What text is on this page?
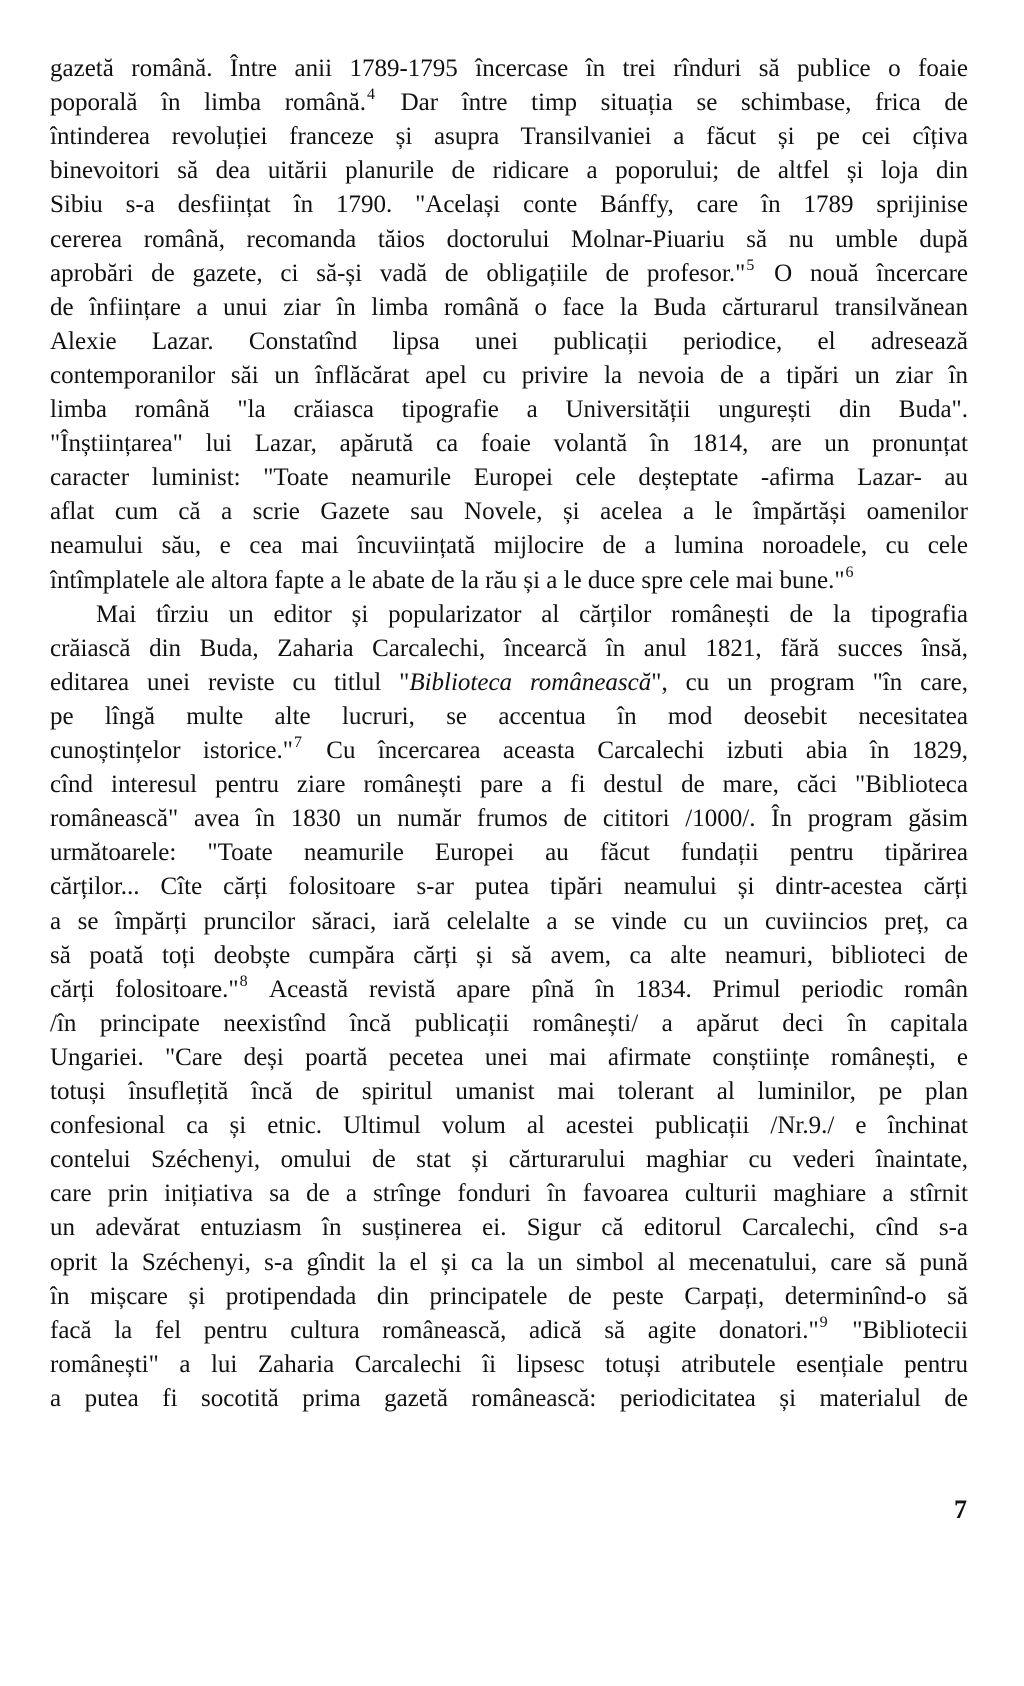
gazetă română. Între anii 1789-1795 încercase în trei rînduri să publice o foaie
poporală în limba română.$^4$ Dar între timp situația se schimbase, frica de
întinderea revoluției franceze și asupra Transilvaniei a făcut și pe cei cîțiva
binevoitori să dea uitării planurile de ridicare a poporului; de altfel și loja din
Sibiu s-a desființat în 1790. "Același conte Bánffy, care în 1789 sprijinise
cererea română, recomanda tăios doctorului Molnar-Piuariu să nu umble după
aprobări de gazete, ci să-și vadă de obligațiile de profesor."$^5$ O nouă încercare
de înființare a unui ziar în limba română o face la Buda cărturarul transilvănean
Alexie Lazar. Constatînd lipsa unei publicații periodice, el adresează
contemporanilor săi un înflăcărat apel cu privire la nevoia de a tipări un ziar în
limba română "la crăiasca tipografie a Universității ungurești din Buda".
"Înștiințarea" lui Lazar, apărută ca foaie volantă în 1814, are un pronunțat
caracter luminist: "Toate neamurile Europei cele deșteptate -afirma Lazar- au
aflat cum că a scrie Gazete sau Novele, și acelea a le împărtăși oamenilor
neamului său, e cea mai încuviințată mijlocire de a lumina noroadele, cu cele
întîmplatele ale altora fapte a le abate de la rău și a le duce spre cele mai bune."$^6$
Mai tîrziu un editor și popularizator al cărților românești de la tipografia
crăiască din Buda, Zaharia Carcalechi, încearcă în anul 1821, fără succes însă,
editarea unei reviste cu titlul "Biblioteca românească", cu un program "în care,
pe lîngă multe alte lucruri, se accentua în mod deosebit necesitatea
cunoștințelor istorice."$^7$ Cu încercarea aceasta Carcalechi izbuti abia în 1829,
cînd interesul pentru ziare românești pare a fi destul de mare, căci "Biblioteca
românească" avea în 1830 un număr frumos de cititori /1000/. În program găsim
următoarele: "Toate neamurile Europei au făcut fundații pentru tipărirea
cărților... Cîte cărți folositoare s-ar putea tipări neamului și dintr-acestea cărți
a se împărți pruncilor săraci, iară celelalte a se vinde cu un cuviincios preț, ca
să poată toți deobște cumpăra cărți și să avem, ca alte neamuri, biblioteci de
cărți folositoare."$^8$ Această revistă apare pînă în 1834. Primul periodic român
/în principate neexistînd încă publicații românești/ a apărut deci în capitala
Ungariei. "Care deși poartă pecetea unei mai afirmate conștiințe românești, e
totuși însuflețită încă de spiritul umanist mai tolerant al luminilor, pe plan
confesional ca și etnic. Ultimul volum al acestei publicații /Nr.9./ e închinat
contelui Széchenyi, omului de stat și cărturarului maghiar cu vederi înaintate,
care prin inițiativa sa de a strînge fonduri în favoarea culturii maghiare a stîrnit
un adevărat entuziasm în susținerea ei. Sigur că editorul Carcalechi, cînd s-a
oprit la Széchenyi, s-a gîndit la el și ca la un simbol al mecenatului, care să pună
în mișcare și protipendada din principatele de peste Carpați, determinînd-o să
facă la fel pentru cultura românească, adică să agite donatori."$^9$ "Bibliotecii
românești" a lui Zaharia Carcalechi îi lipsesc totuși atributele esențiale pentru
a putea fi socotită prima gazetă românească: periodicitatea și materialul de
7
